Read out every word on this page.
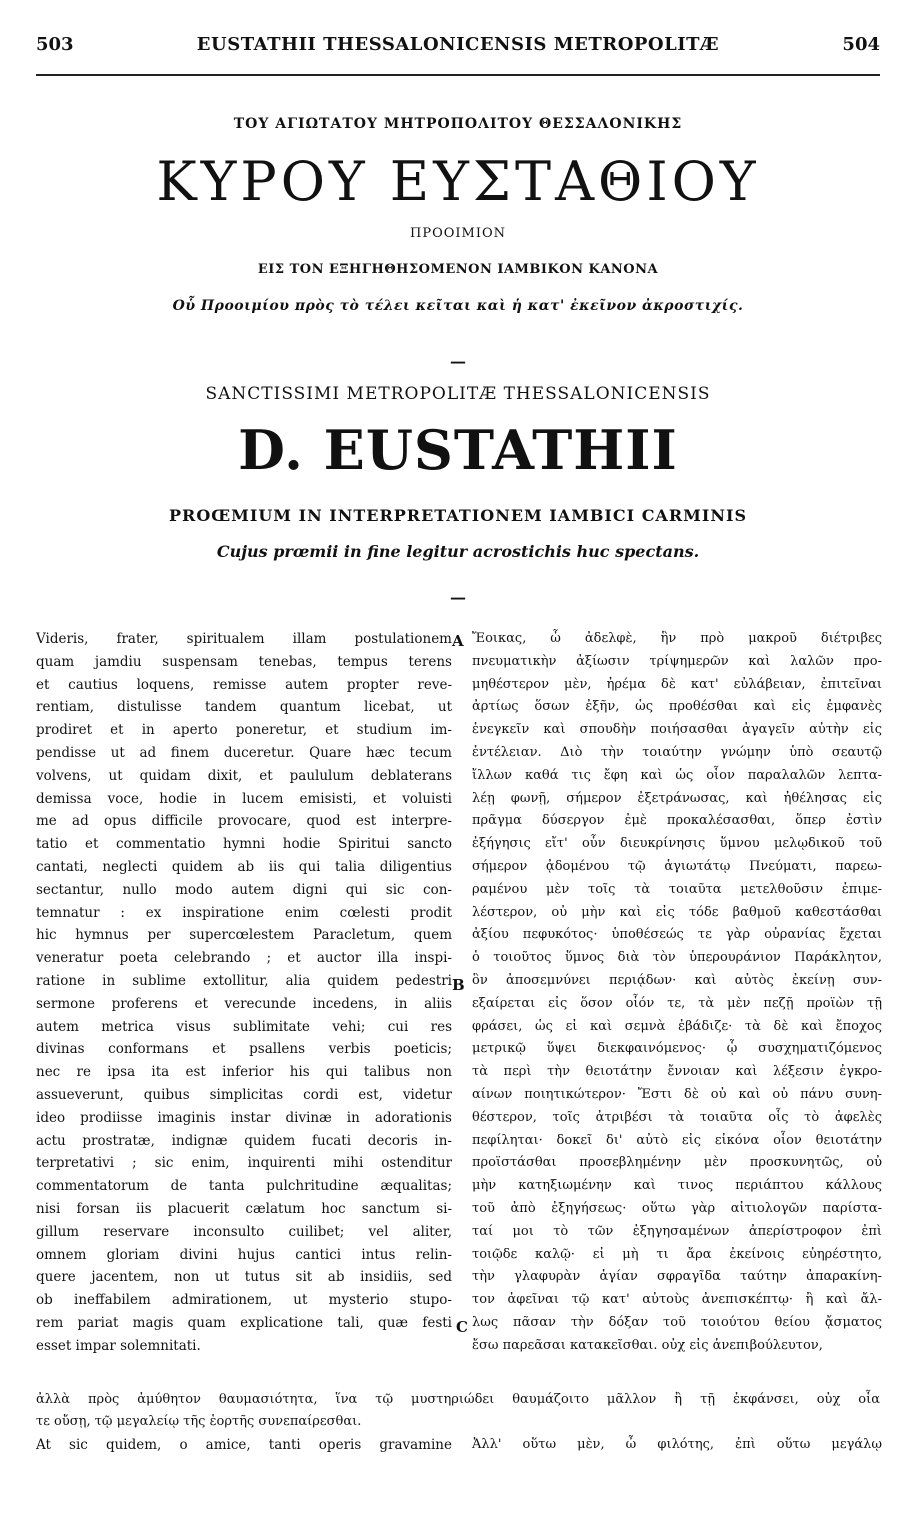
503	EUSTATHII THESSALONICENSIS METROPOLITÆ	504
ΤΟΥ ΑΓΙΩΤΑΤΟΥ ΜΗΤΡΟΠΟΛΙΤΟΥ ΘΕΣΣΑΛΟΝΙΚΗΣ
ΚΥΡΟΥ ΕΥΣΤΑΘΙΟΥ
ΠΡΟΟΙΜΙΟΝ
ΕΙΣ ΤΟΝ ΕΞΗΓΗΘΗΣΟΜΕΝΟΝ ΙΑΜΒΙΚΟΝ ΚΑΝΟΝΑ
Οὗ Προοιμίου πρὸς τὸ τέλει κεῖται καὶ ἡ κατ' ἐκεῖνον ἀκροστιχίς.
—
SANCTISSIMI METROPOLITÆ THESSALONICENSIS
D. EUSTATHII
PROŒMIUM IN INTERPRETATIONEM IAMBICI CARMINIS
Cujus prœmii in fine legitur acrostichis huc spectans.
—
Videris, frater, spiritualem illam postulationem
quam jamdiu suspensam tenebas, tempus terens
et cautius loquens, remisse autem propter reve-
rentiam, distulisse tandem quantum licebat, ut
prodiret et in aperto poneretur, et studium im-
pendisse ut ad finem duceretur. Quare hæc tecum
volvens, ut quidam dixit, et paululum deblaterans
demissa voce, hodie in lucem emisisti, et voluisti
me ad opus difficile provocare, quod est interpre-
tatio et commentatio hymni hodie Spiritui sancto
cantati, neglecti quidem ab iis qui talia diligentius
sectantur, nullo modo autem digni qui sic con-
temnatur : ex inspiratione enim cœlesti prodit
hic hymnus per supercœlestem Paracletum, quem
veneratur poeta celebrando ; et auctor illa inspi-
ratione in sublime extollitur, alia quidem pedestri
sermone proferens et verecunde incedens, in aliis
autem metrica visus sublimitate vehi; cui res
divinas conformans et psallens verbis poeticis;
nec re ipsa ita est inferior his qui talibus non
assueverunt, quibus simplicitas cordi est, videtur
ideo prodiisse imaginis instar divinæ in adorationis
actu prostratæ, indignæ quidem fucati decoris in-
terpretativi ; sic enim, inquirenti mihi ostenditur
commentatorum de tanta pulchritudine æqualitas;
nisi forsan iis placuerit cælatum hoc sanctum si-
gillum reservare inconsulto cuilibet; vel aliter,
omnem gloriam divini hujus cantici intus relin-
quere jacentem, non ut tutus sit ab insidiis, sed
ob ineffabilem admirationem, ut mysterio stupo-
rem pariat magis quam explicatione tali, quæ festi
esset impar solemnitati.
Ἔοικας, ὦ ἀδελφὲ, ἣν πρὸ μακροῦ διέτριβες
πνευματικὴν ἀξίωσιν τρίψημερῶν καὶ λαλῶν προ-
μηθέστερον μὲν, ἠρέμα δὲ κατ' εὐλάβειαν, ἐπιτεῖναι
ἀρτίως ὅσων ἐξῆν, ὡς προθέσθαι καὶ εἰς ἐμφανὲς
ἐνεγκεῖν καὶ σπουδὴν ποιήσασθαι ἀγαγεῖν αὐτὴν εἰς
ἐντέλειαν. Διὸ τὴν τοιαύτην γνώμην ὑπὸ σεαυτῷ
ἴλλων καθά τις ἔφη καὶ ὡς οἷον παραλαλῶν λεπτα-
λέῃ φωνῇ, σήμερον ἐξετράνωσας, καὶ ἠθέλησας εἰς
πρᾶγμα δύσεργον ἐμὲ προκαλέσασθαι, ὅπερ ἐστὶν
ἐξήγησις εἴτ' οὖν διευκρίνησις ὕμνου μελῳδικοῦ τοῦ
σήμερον ᾀδομένου τῷ ἁγιωτάτῳ Πνεύματι, παρεω-
ραμένου μὲν τοῖς τὰ τοιαῦτα μετελθοῦσιν ἐπιμε-
λέστερον, οὐ μὴν καὶ εἰς τόδε βαθμοῦ καθεστάσθαι
ἀξίου πεφυκότος· ὑποθέσεώς τε γὰρ οὐρανίας ἔχεται
ὁ τοιοῦτος ὕμνος διὰ τὸν ὑπερουράνιον Παράκλητον,
ὃν ἀποσεμνύνει περιᾴδων· καὶ αὐτὸς ἐκείνῃ συν-
εξαίρεται εἰς ὅσον οἷόν τε, τὰ μὲν πεζῇ προϊὼν τῇ
φράσει, ὡς εἰ καὶ σεμνὰ ἐβάδιζε· τὰ δὲ καὶ ἔποχος
μετρικῷ ὕψει διεκφαινόμενος· ᾧ συσχηματιζόμενος
τὰ περὶ τὴν θειοτάτην ἔννοιαν καὶ λέξεσιν ἐγκρο-
αίνων ποιητικώτερον· Ἔστι δὲ οὐ καὶ οὐ πάνυ συνη-
θέστερον, τοῖς ἀτριβέσι τὰ τοιαῦτα οἷς τὸ ἀφελὲς
πεφίληται· δοκεῖ δι' αὐτὸ εἰς εἰκόνα οἷον θειοτάτην
προϊστάσθαι προσεβλημένην μὲν προσκυνητῶς, οὐ
μὴν κατηξιωμένην καὶ τινος περιάπτου κάλλους
τοῦ ἀπὸ ἐξηγήσεως· οὕτω γὰρ αἰτιολογῶν παρίστα-
ταί μοι τὸ τῶν ἐξηγησαμένων ἀπερίστροφον ἐπὶ
τοιῷδε καλῷ· εἰ μὴ τι ἄρα ἐκείνοις εὐηρέστητο,
τὴν γλαφυρὰν ἁγίαν σφραγῖδα ταύτην ἀπαρακίνη-
τον ἀφεῖναι τῷ κατ' αὐτοὺς ἀνεπισκέπτῳ· ἢ καὶ ἄλ-
λως πᾶσαν τὴν δόξαν τοῦ τοιούτου θείου ᾄσματος
ἔσω παρεᾶσαι κατακεῖσθαι. οὐχ εἰς ἀνεπιβούλευτον,
A
B
C
ἀλλὰ πρὸς ἀμύθητον θαυμασιότητα, ἵνα τῷ μυστηριώδει θαυμάζοιτο μᾶλλον ἢ τῇ ἐκφάνσει, οὐχ οἷα
τε οὔσῃ, τῷ μεγαλείῳ τῆς ἑορτῆς συνεπαίρεσθαι.
At sic quidem, o amice, tanti operis gravamine Ἀλλ' οὕτω μὲν, ὦ φιλότης, ἐπὶ οὕτω μεγάλῳ
